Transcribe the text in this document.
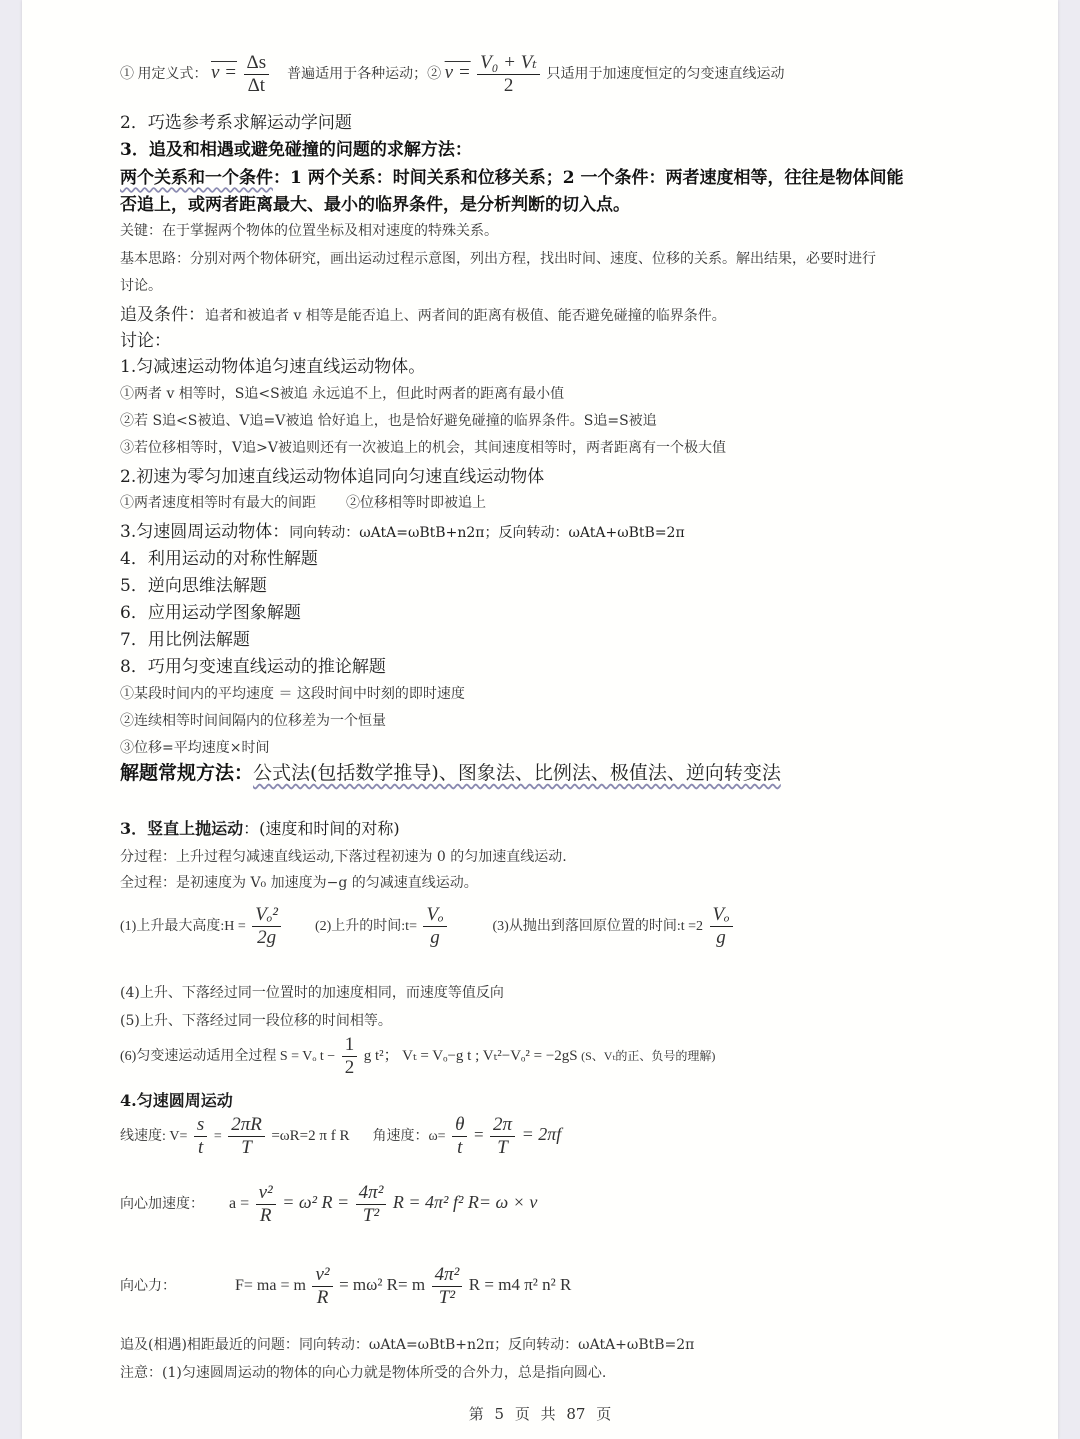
① 用定义式： $v = \frac{\Delta s}{\Delta t}$ 普遍适用于各种运动；② $v = \frac{\text{V₀ + Vₜ}}{2}$ 只适用于加速度恒定的匀变速直线运动
2．巧选参考系求解运动学问题
3．追及和相遇或避免碰撞的问题的求解方法：
两个关系和一个条件：1 两个关系：时间关系和位移关系；2 一个条件：两者速度相等，往往是物体间能
否追上，或两者距离最大、最小的临界条件，是分析判断的切入点。
关键：在于掌握两个物体的位置坐标及相对速度的特殊关系。
基本思路：分别对两个物体研究，画出运动过程示意图，列出方程，找出时间、速度、位移的关系。解出结果，必要时进行
讨论。
追及条件：追者和被追者 v 相等是能否追上、两者间的距离有极值、能否避免碰撞的临界条件。
讨论：
1.匀减速运动物体追匀速直线运动物体。
①两者 v 相等时，S追<S被追 永远追不上，但此时两者的距离有最小值
②若 S追<S被追、V追=V被追 恰好追上，也是恰好避免碰撞的临界条件。S追=S被追
③若位移相等时，V追>V被追则还有一次被追上的机会，其间速度相等时，两者距离有一个极大值
2.初速为零匀加速直线运动物体追同向匀速直线运动物体
①两者速度相等时有最大的间距 ②位移相等时即被追上
3.匀速圆周运动物体：同向转动：ωAtA=ωBtB+n2π；反向转动：ωAtA+ωBtB=2π
4．利用运动的对称性解题
5．逆向思维法解题
6．应用运动学图象解题
7．用比例法解题
8．巧用匀变速直线运动的推论解题
①某段时间内的平均速度 ＝ 这段时间中时刻的即时速度
②连续相等时间间隔内的位移差为一个恒量
③位移=平均速度×时间
解题常规方法：公式法(包括数学推导)、图象法、比例法、极值法、逆向转变法
3．竖直上抛运动：(速度和时间的对称)
分过程：上升过程匀减速直线运动,下落过程初速为 0 的匀加速直线运动.
全过程：是初速度为 V₀ 加速度为−g 的匀减速直线运动。
(1)上升最大高度:H = $\frac{\text{Vₒ²}}{2g} (2)$上升的时间:t= $\frac{\text{Vₒ}}{g}$	(3)从抛出到落回原位置的时间:t $=2 \frac{\text{Vₒ}}{g}$
(4)上升、下落经过同一位置时的加速度相同，而速度等值反向
(5)上升、下落经过同一段位移的时间相等。
(6)匀变速运动适用全过程 S = Vₒ $t - \frac{1}{2}$ g t²； Vₜ = Vₒ−g t ; Vₜ²−Vₒ² = −2gS (S、Vₜ的正、负号的理解)
4.匀速圆周运动
线速度: $V= \frac{s}{t} = \frac{2\pi R}{T} =\omega R=2$ π f R 角速度：$\omega= \frac{\theta}{t} = \frac{2\pi}{T} = 2\pi f$
向心加速度： $a = \frac{\text{v²}}{R} = \omega^2$ $R = \frac{\text{4π²}}{\text{T²}}$ R = 4π² f² R= ω × v
向心力：	F= ma = m $\frac{\text{v²}}{R} = m\omega^2$ R= m $\frac{\text{4π²}}{\text{T²}}$ R = m4 π² n² R
追及(相遇)相距最近的问题：同向转动：ωAtA=ωBtB+n2π；反向转动：ωAtA+ωBtB=2π
注意：(1)匀速圆周运动的物体的向心力就是物体所受的合外力，总是指向圆心.
第 5 页 共 87 页
